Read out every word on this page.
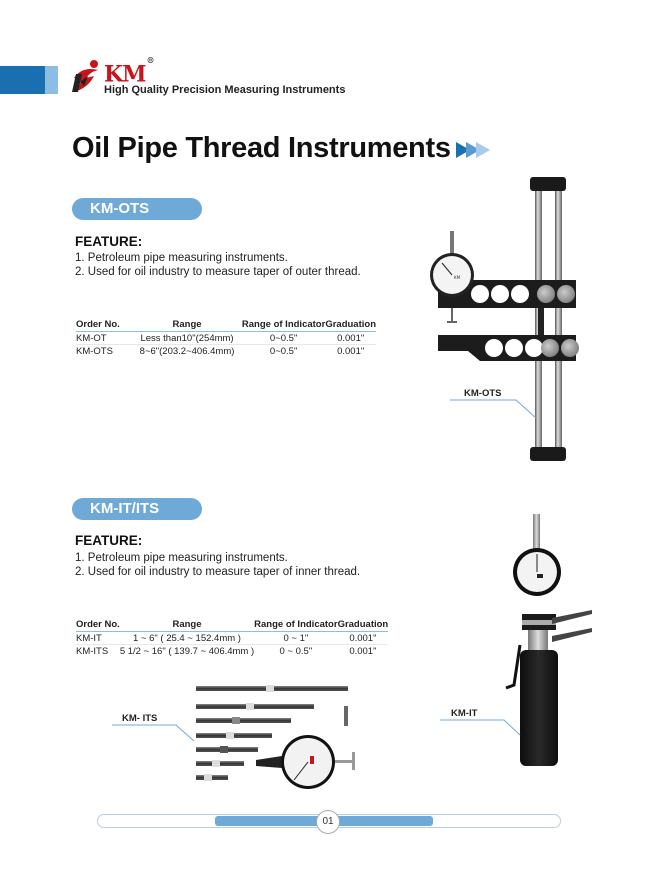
KM®
High Quality Precision Measuring Instruments
Oil Pipe Thread Instruments
KM-OTS
FEATURE:
1. Petroleum pipe measuring instruments.
2. Used for oil industry to measure taper of outer thread.
Order No.	Range	Range of Indicator	Graduation
KM-OT	Less than10"(254mm)	0~0.5"	0.001"
KM-OTS	8~6"(203.2~406.4mm)	0~0.5"	0.001"
KM
KM-OTS
KM-IT/ITS
FEATURE:
1. Petroleum pipe measuring instruments.
2. Used for oil industry to measure taper of inner thread.
Order No.	Range	Range of Indicator	Graduation
KM-IT	1 ~ 6" ( 25.4 ~ 152.4mm )	0 ~ 1"	0.001"
KM-ITS	5 1/2 ~ 16" ( 139.7 ~ 406.4mm )	0 ~ 0.5"	0.001"
KM- ITS	KM-IT
01
